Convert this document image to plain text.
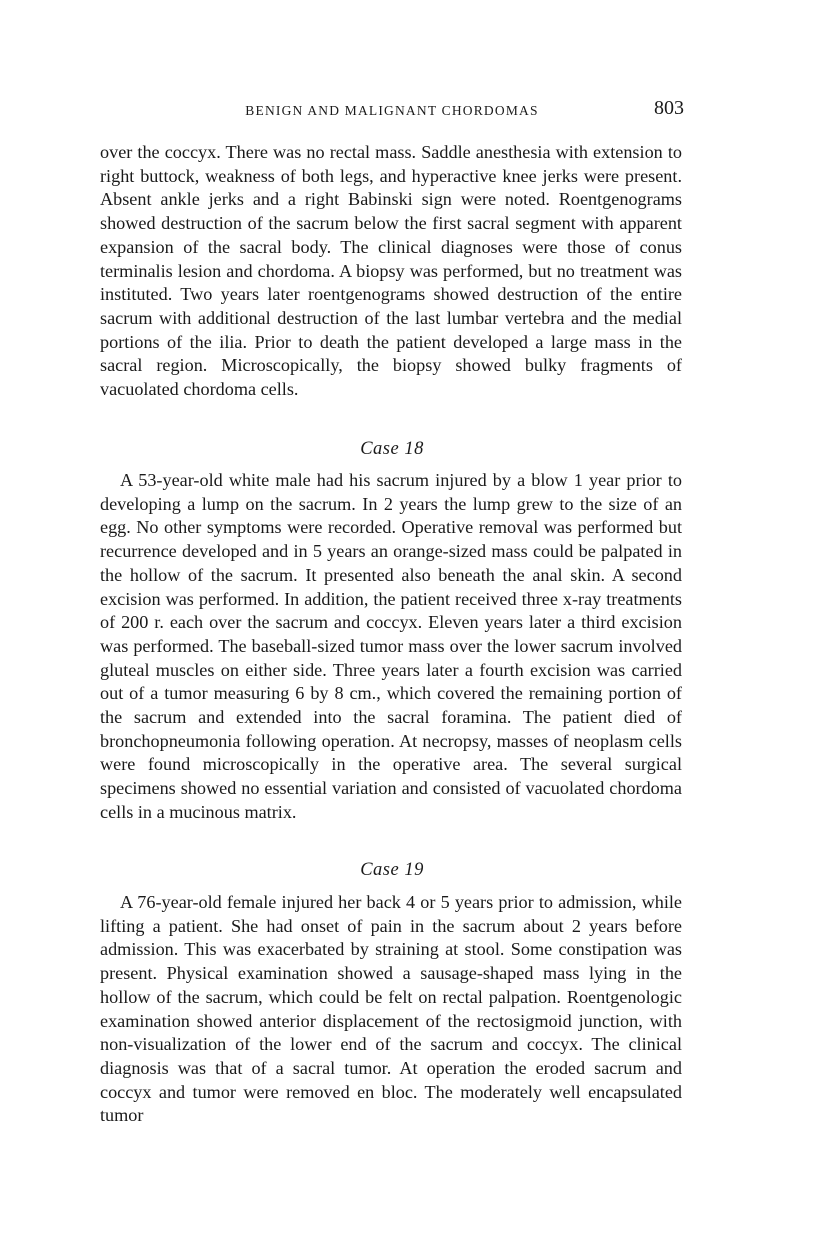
BENIGN AND MALIGNANT CHORDOMAS	803

over the coccyx. There was no rectal mass. Saddle anesthesia with extension to right buttock, weakness of both legs, and hyperactive knee jerks were present. Absent ankle jerks and a right Babinski sign were noted. Roentgenograms showed destruction of the sacrum below the first sacral segment with apparent expansion of the sacral body. The clinical diagnoses were those of conus terminalis lesion and chordoma. A biopsy was performed, but no treatment was instituted. Two years later roentgenograms showed destruction of the entire sacrum with additional destruction of the last lumbar vertebra and the medial portions of the ilia. Prior to death the patient developed a large mass in the sacral region. Microscopically, the biopsy showed bulky fragments of vacuolated chordoma cells.

Case 18

A 53-year-old white male had his sacrum injured by a blow 1 year prior to developing a lump on the sacrum. In 2 years the lump grew to the size of an egg. No other symptoms were recorded. Operative removal was performed but recurrence developed and in 5 years an orange-sized mass could be palpated in the hollow of the sacrum. It presented also beneath the anal skin. A second excision was performed. In addition, the patient received three x-ray treatments of 200 r. each over the sacrum and coccyx. Eleven years later a third excision was performed. The baseball-sized tumor mass over the lower sacrum involved gluteal muscles on either side. Three years later a fourth excision was carried out of a tumor measuring 6 by 8 cm., which covered the remaining portion of the sacrum and extended into the sacral foramina. The patient died of bronchopneumonia following operation. At necropsy, masses of neoplasm cells were found microscopically in the operative area. The several surgical specimens showed no essential variation and consisted of vacuolated chordoma cells in a mucinous matrix.

Case 19

A 76-year-old female injured her back 4 or 5 years prior to admission, while lifting a patient. She had onset of pain in the sacrum about 2 years before admission. This was exacerbated by straining at stool. Some constipation was present. Physical examination showed a sausage-shaped mass lying in the hollow of the sacrum, which could be felt on rectal palpation. Roentgenologic examination showed anterior displacement of the rectosigmoid junction, with non-visualization of the lower end of the sacrum and coccyx. The clinical diagnosis was that of a sacral tumor. At operation the eroded sacrum and coccyx and tumor were removed en bloc. The moderately well encapsulated tumor
